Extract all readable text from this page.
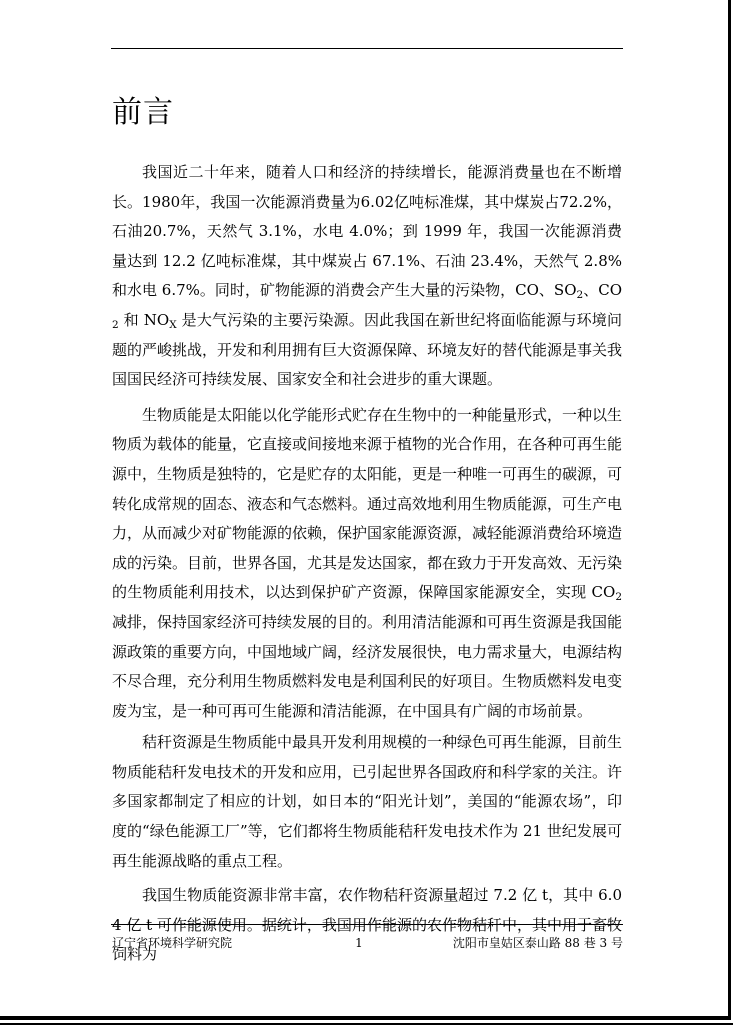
前言

我国近二十年来，随着人口和经济的持续增长，能源消费量也在不断增长。1980年，我国一次能源消费量为6.02亿吨标准煤，其中煤炭占72.2%，石油20.7%，天然气 3.1%，水电 4.0%；到 1999 年，我国一次能源消费量达到 12.2 亿吨标准煤，其中煤炭占 67.1%、石油 23.4%，天然气 2.8%和水电 6.7%。同时，矿物能源的消费会产生大量的污染物，CO、$SO_2$、$CO_2$ 和 $NO_X$ 是大气污染的主要污染源。因此我国在新世纪将面临能源与环境问题的严峻挑战，开发和利用拥有巨大资源保障、环境友好的替代能源是事关我国国民经济可持续发展、国家安全和社会进步的重大课题。

生物质能是太阳能以化学能形式贮存在生物中的一种能量形式，一种以生物质为载体的能量，它直接或间接地来源于植物的光合作用，在各种可再生能源中，生物质是独特的，它是贮存的太阳能，更是一种唯一可再生的碳源，可转化成常规的固态、液态和气态燃料。通过高效地利用生物质能源，可生产电力，从而减少对矿物能源的依赖，保护国家能源资源，减轻能源消费给环境造成的污染。目前，世界各国，尤其是发达国家，都在致力于开发高效、无污染的生物质能利用技术，以达到保护矿产资源，保障国家能源安全，实现 $CO_2$ 减排，保持国家经济可持续发展的目的。利用清洁能源和可再生资源是我国能源政策的重要方向，中国地域广阔，经济发展很快，电力需求量大，电源结构不尽合理，充分利用生物质燃料发电是利国利民的好项目。生物质燃料发电变废为宝，是一种可再可生能源和清洁能源，在中国具有广阔的市场前景。

秸秆资源是生物质能中最具开发利用规模的一种绿色可再生能源，目前生物质能秸秆发电技术的开发和应用，已引起世界各国政府和科学家的关注。许多国家都制定了相应的计划，如日本的“阳光计划”，美国的“能源农场”，印度的“绿色能源工厂”等，它们都将生物质能秸秆发电技术作为 21 世纪发展可再生能源战略的重点工程。

我国生物质能资源非常丰富，农作物秸秆资源量超过 7.2 亿 t，其中 6.04 亿 t 可作能源使用。据统计，我国用作能源的农作物秸秆中，其中用于畜牧饲料为

辽宁省环境科学研究院	1	沈阳市皇姑区泰山路 88 巷 3 号
